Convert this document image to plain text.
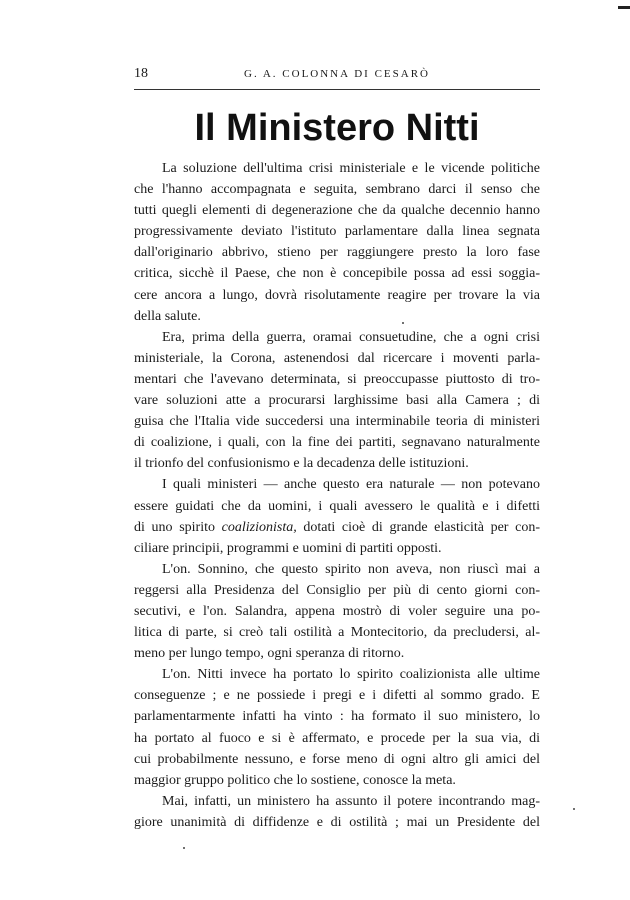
18	G. A. COLONNA DI CESARÒ
Il Ministero Nitti
La soluzione dell'ultima crisi ministeriale e le vicende politiche
che l'hanno accompagnata e seguita, sembrano darci il senso che
tutti quegli elementi di degenerazione che da qualche decennio hanno
progressivamente deviato l'istituto parlamentare dalla linea segnata
dall'originario abbrivo, stieno per raggiungere presto la loro fase
critica, sicchè il Paese, che non è concepibile possa ad essi soggia-
cere ancora a lungo, dovrà risolutamente reagire per trovare la via
della salute.
Era, prima della guerra, oramai consuetudine, che a ogni crisi
ministeriale, la Corona, astenendosi dal ricercare i moventi parla-
mentari che l'avevano determinata, si preoccupasse piuttosto di tro-
vare soluzioni atte a procurarsi larghissime basi alla Camera ; di
guisa che l'Italia vide succedersi una interminabile teoria di ministeri
di coalizione, i quali, con la fine dei partiti, segnavano naturalmente
il trionfo del confusionismo e la decadenza delle istituzioni.
I quali ministeri — anche questo era naturale — non potevano
essere guidati che da uomini, i quali avessero le qualità e i difetti
di uno spirito coalizionista, dotati cioè di grande elasticità per con-
ciliare principii, programmi e uomini di partiti opposti.
L'on. Sonnino, che questo spirito non aveva, non riuscì mai a
reggersi alla Presidenza del Consiglio per più di cento giorni con-
secutivi, e l'on. Salandra, appena mostrò di voler seguire una po-
litica di parte, si creò tali ostilità a Montecitorio, da precludersi, al-
meno per lungo tempo, ogni speranza di ritorno.
L'on. Nitti invece ha portato lo spirito coalizionista alle ultime
conseguenze ; e ne possiede i pregi e i difetti al sommo grado. E
parlamentarmente infatti ha vinto : ha formato il suo ministero, lo
ha portato al fuoco e si è affermato, e procede per la sua via, di
cui probabilmente nessuno, e forse meno di ogni altro gli amici del
maggior gruppo politico che lo sostiene, conosce la meta.
Mai, infatti, un ministero ha assunto il potere incontrando mag-
giore unanimità di diffidenze e di ostilità ; mai un Presidente del
